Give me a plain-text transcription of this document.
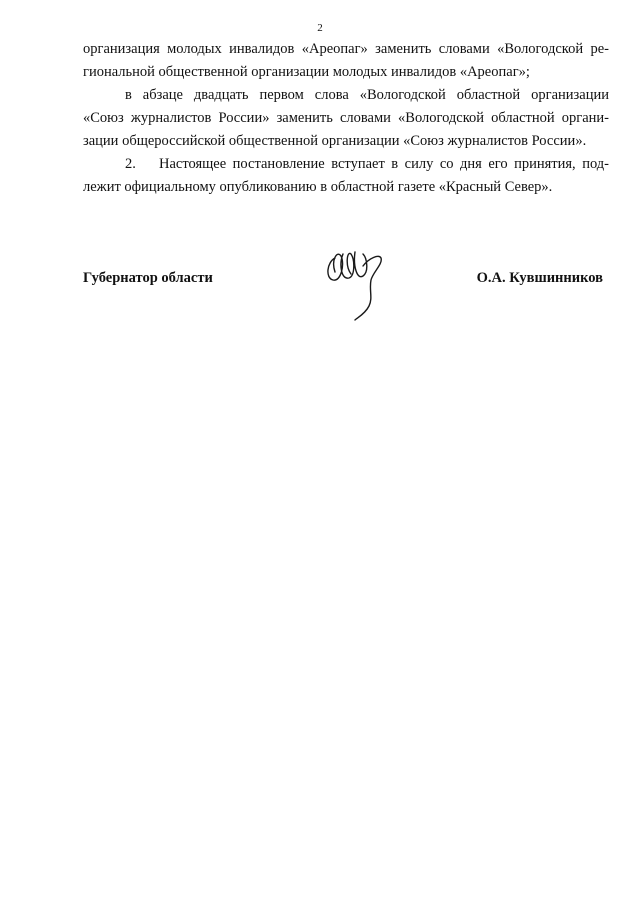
2
организация молодых инвалидов «Ареопаг» заменить словами «Вологодской ре-
гиональной общественной организации молодых инвалидов «Ареопаг»;
в абзаце двадцать первом слова «Вологодской областной организации
«Союз журналистов России» заменить словами «Вологодской областной органи-
зации общероссийской общественной организации «Союз журналистов России».
2.	Настоящее постановление вступает в силу со дня его принятия, под-
лежит официальному опубликованию в областной газете «Красный Север».
Губернатор области	О.А. Кувшинников
